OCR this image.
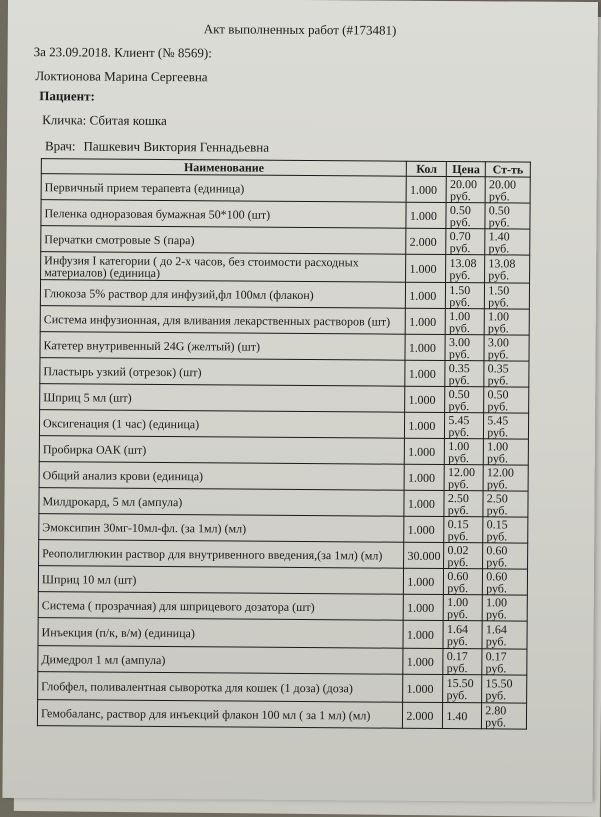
Акт выполненных работ (#173481)
За 23.09.2018. Клиент (№ 8569):
Локтионова Марина Сергеевна
Пациент:
Кличка: Сбитая кошка
Врач: Пашкевич Виктория Геннадьевна
Наименование	Кол	Цена	Ст-ть
Первичный прием терапевта (единица)	1.000	20.00 руб.	20.00 руб.
Пеленка одноразовая бумажная 50*100 (шт)	1.000	0.50 руб.	0.50 руб.
Перчатки смотровые S (пара)	2.000	0.70 руб.	1.40 руб.
Инфузия I категории ( до 2-х часов, без стоимости расходных материалов) (единица)	1.000	13.08 руб.	13.08 руб.
Глюкоза 5% раствор для инфузий,фл 100мл (флакон)	1.000	1.50 руб.	1.50 руб.
Система инфузионная, для вливания лекарственных растворов (шт)	1.000	1.00 руб.	1.00 руб.
Катетер внутривенный 24G (желтый) (шт)	1.000	3.00 руб.	3.00 руб.
Пластырь узкий (отрезок) (шт)	1.000	0.35 руб.	0.35 руб.
Шприц 5 мл (шт)	1.000	0.50 руб.	0.50 руб.
Оксигенация (1 час) (единица)	1.000	5.45 руб.	5.45 руб.
Пробирка ОАК (шт)	1.000	1.00 руб.	1.00 руб.
Общий анализ крови (единица)	1.000	12.00 руб.	12.00 руб.
Милдрокард, 5 мл (ампула)	1.000	2.50 руб.	2.50 руб.
Эмоксипин 30мг-10мл-фл. (за 1мл) (мл)	1.000	0.15 руб.	0.15 руб.
Реополиглюкин раствор для внутривенного введения,(за 1мл) (мл)	30.000	0.02 руб.	0.60 руб.
Шприц 10 мл (шт)	1.000	0.60 руб.	0.60 руб.
Система ( прозрачная) для шприцевого дозатора (шт)	1.000	1.00 руб.	1.00 руб.
Инъекция (п/к, в/м) (единица)	1.000	1.64 руб.	1.64 руб.
Димедрол 1 мл (ампула)	1.000	0.17 руб.	0.17 руб.
Глобфел, поливалентная сыворотка для кошек (1 доза) (доза)	1.000	15.50 руб.	15.50 руб.
Гемобаланс, раствор для инъекций флакон 100 мл ( за 1 мл) (мл)	2.000	1.40	2.80 руб.
